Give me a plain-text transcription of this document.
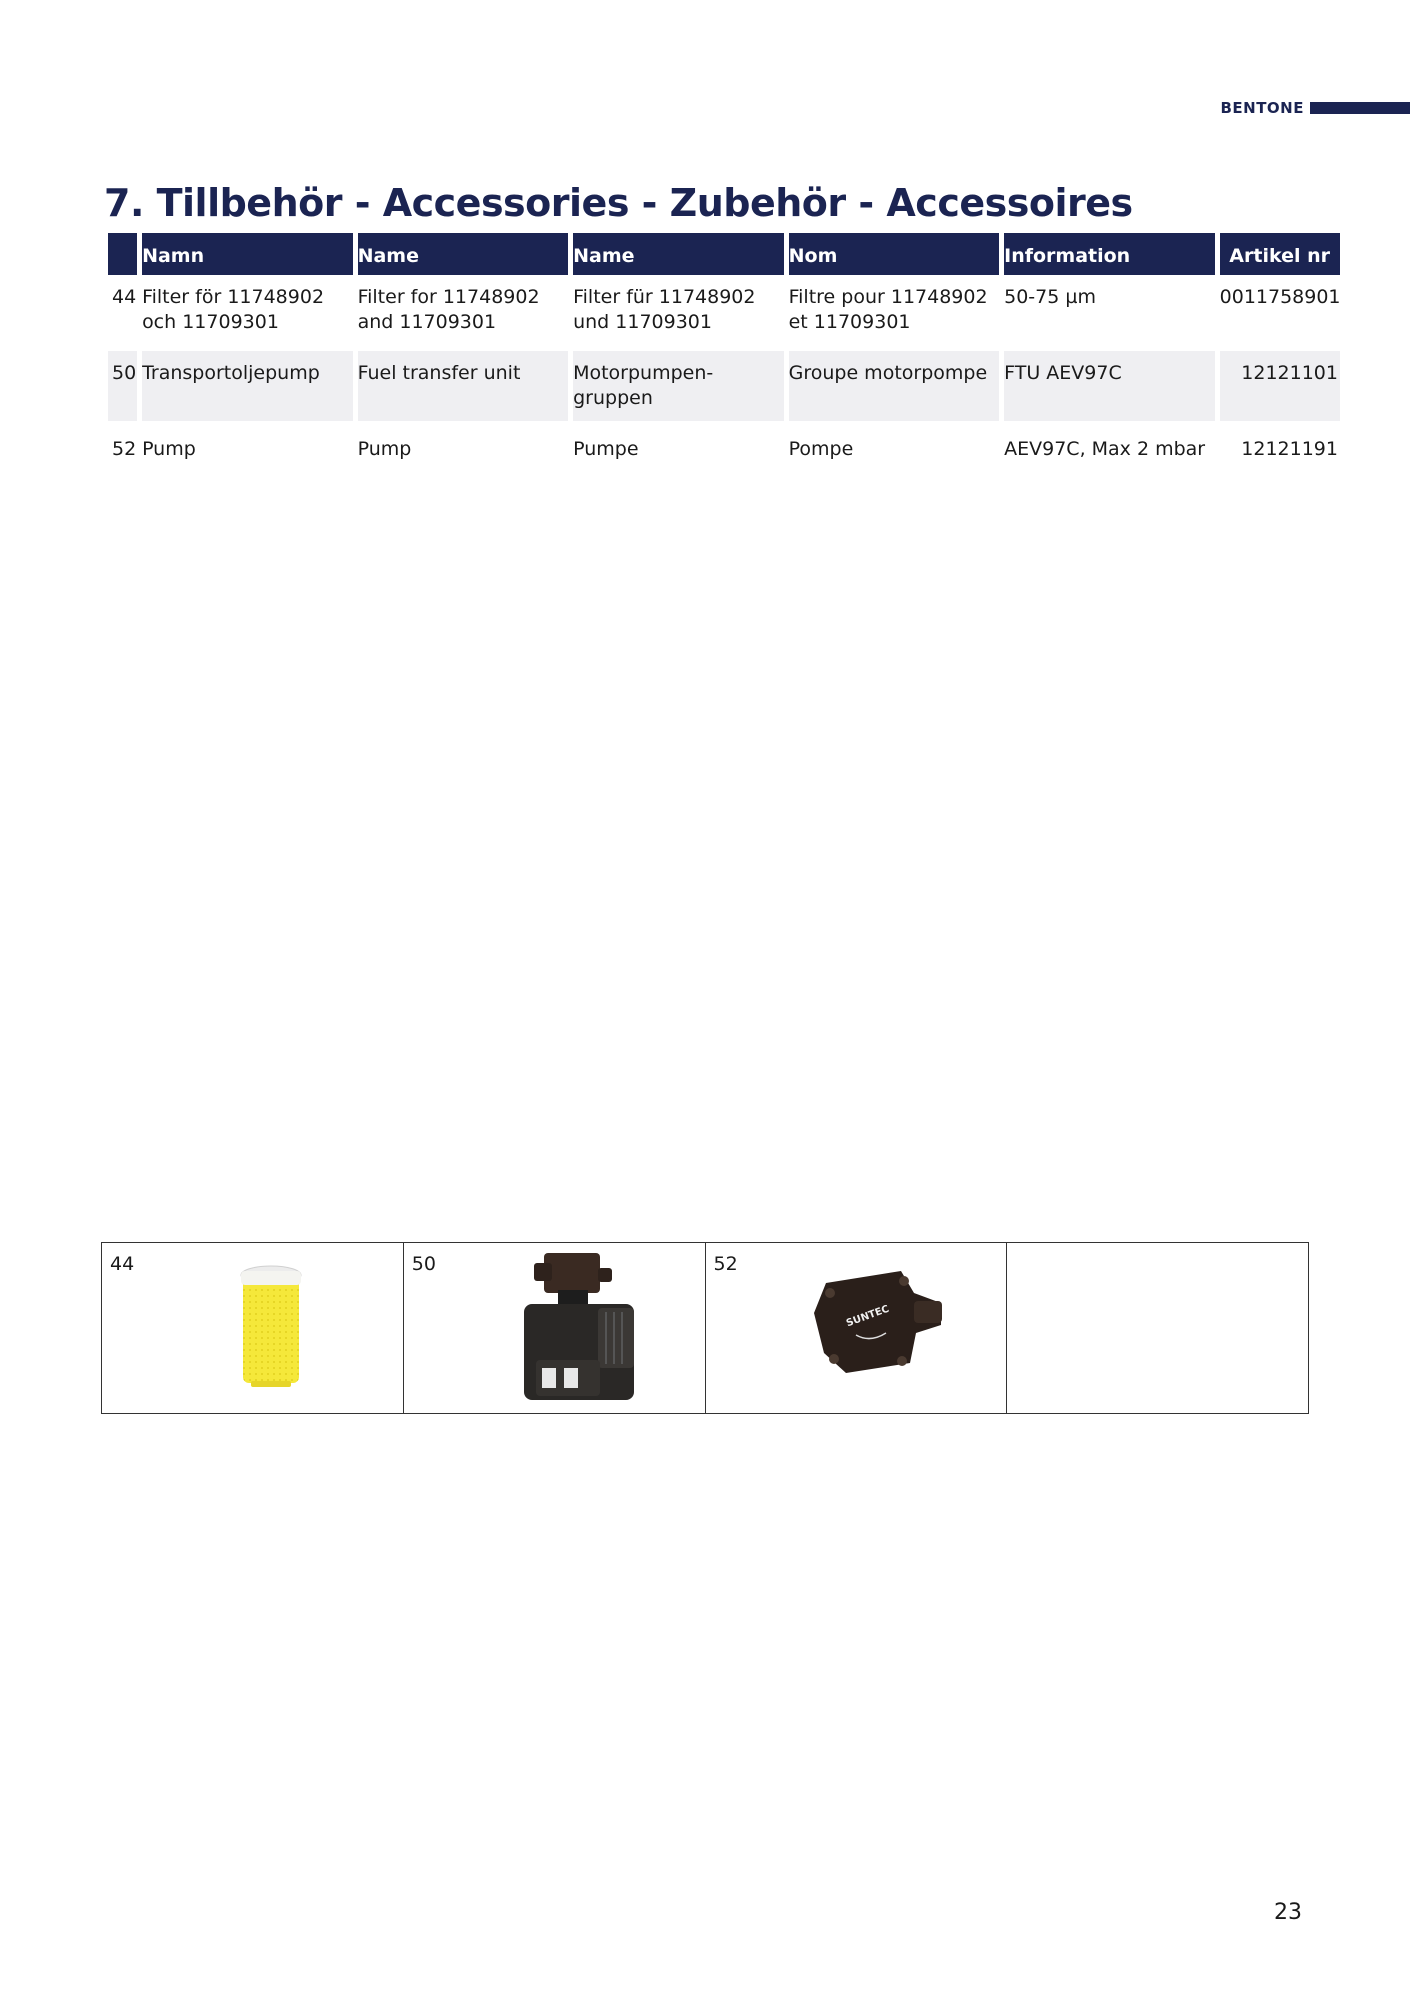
BENTONE
7. Tillbehör - Accessories - Zubehör - Accessoires
	Namn	Name	Name	Nom	Information	Artikel nr
44	Filter för 11748902 och 11709301	Filter for 11748902 and 11709301	Filter für 11748902 und 11709301	Filtre pour 11748902 et 11709301	50-75 µm	0011758901

50	Transportoljepump	Fuel transfer unit	Motorpumpen-gruppen	Groupe motorpompe	FTU AEV97C	12121101

52	Pump	Pump	Pumpe	Pompe	AEV97C, Max 2 mbar	12121191
44	50	52
SUNTEC
23
